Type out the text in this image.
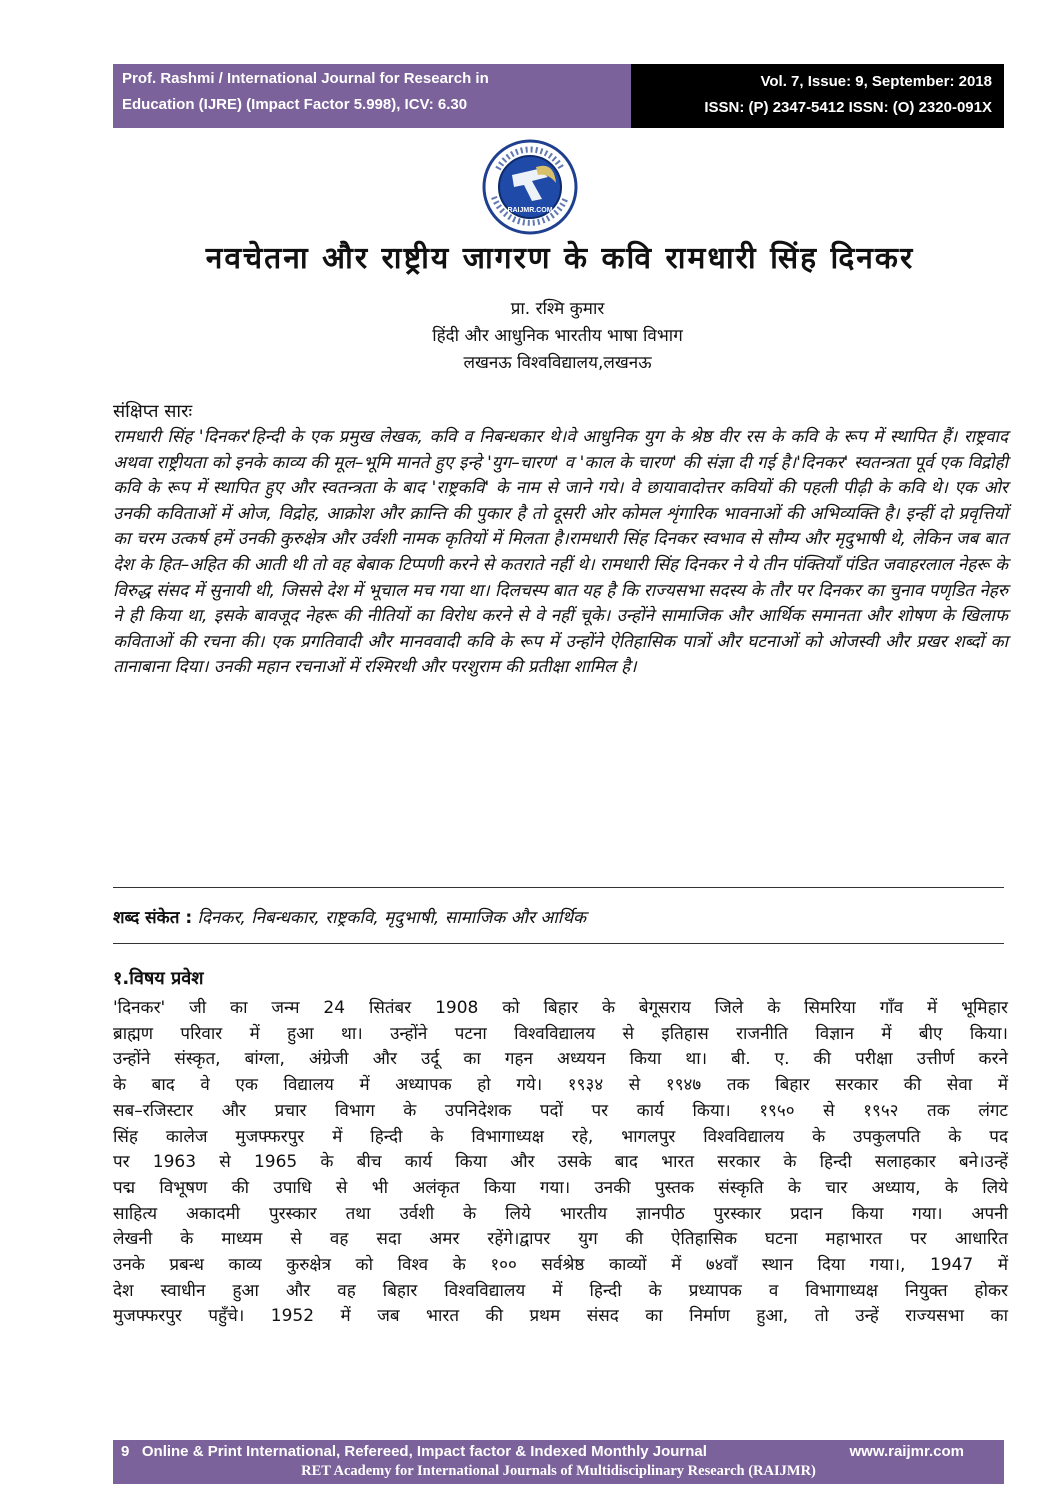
Prof. Rashmi / International Journal for Research in
Education (IJRE) (Impact Factor 5.998), ICV: 6.30
Vol. 7, Issue: 9, September: 2018
ISSN: (P) 2347-5412 ISSN: (O) 2320-091X
RAIJMR.COM
नवचेतना और राष्ट्रीय जागरण के कवि रामधारी सिंह दिनकर
प्रा. रश्मि कुमार
हिंदी और आधुनिक भारतीय भाषा विभाग
लखनऊ विश्वविद्यालय,लखनऊ
संक्षिप्त सारः
रामधारी सिंह 'दिनकर'हिन्दी के एक प्रमुख लेखक, कवि व निबन्धकार थे।वे आधुनिक युग के श्रेष्ठ वीर रस के कवि के रूप में स्थापित हैं। राष्ट्रवाद अथवा राष्ट्रीयता को इनके काव्य की मूल–भूमि मानते हुए इन्हे 'युग–चारण' व 'काल के चारण' की संज्ञा दी गई है।'दिनकर' स्वतन्त्रता पूर्व एक विद्रोही कवि के रूप में स्थापित हुए और स्वतन्त्रता के बाद 'राष्ट्रकवि' के नाम से जाने गये। वे छायावादोत्तर कवियों की पहली पीढ़ी के कवि थे। एक ओर उनकी कविताओं में ओज, विद्रोह, आक्रोश और क्रान्ति की पुकार है तो दूसरी ओर कोमल शृंगारिक भावनाओं की अभिव्यक्ति है। इन्हीं दो प्रवृत्तियों का चरम उत्कर्ष हमें उनकी कुरुक्षेत्र और उर्वशी नामक कृतियों में मिलता है।रामधारी सिंह दिनकर स्वभाव से सौम्य और मृदुभाषी थे, लेकिन जब बात देश के हित–अहित की आती थी तो वह बेबाक टिप्पणी करने से कतराते नहीं थे। रामधारी सिंह दिनकर ने ये तीन पंक्तियाँ पंडित जवाहरलाल नेहरू के विरुद्ध संसद में सुनायी थी, जिससे देश में भूचाल मच गया था। दिलचस्प बात यह है कि राज्यसभा सदस्य के तौर पर दिनकर का चुनाव पणृडित नेहरु ने ही किया था, इसके बावजूद नेहरू की नीतियों का विरोध करने से वे नहीं चूके। उन्होंने सामाजिक और आर्थिक समानता और शोषण के खिलाफ कविताओं की रचना की। एक प्रगतिवादी और मानववादी कवि के रूप में उन्होंने ऐतिहासिक पात्रों और घटनाओं को ओजस्वी और प्रखर शब्दों का तानाबाना दिया। उनकी महान रचनाओं में रश्मिरथी और परशुराम की प्रतीक्षा शामिल है।
शब्द संकेत : दिनकर, निबन्धकार, राष्ट्रकवि, मृदुभाषी, सामाजिक और आर्थिक
१.विषय प्रवेश
'दिनकर' जी का जन्म 24 सितंबर 1908 को बिहार के बेगूसराय जिले के सिमरिया गाँव में भूमिहार
ब्राह्मण परिवार में हुआ था। उन्होंने पटना विश्वविद्यालय से इतिहास राजनीति विज्ञान में बीए किया।
उन्होंने संस्कृत, बांग्ला, अंग्रेजी और उर्दू का गहन अध्ययन किया था। बी. ए. की परीक्षा उत्तीर्ण करने
के बाद वे एक विद्यालय में अध्यापक हो गये। १९३४ से १९४७ तक बिहार सरकार की सेवा में
सब–रजिस्टार और प्रचार विभाग के उपनिदेशक पदों पर कार्य किया। १९५० से १९५२ तक लंगट
सिंह कालेज मुजफ्फरपुर में हिन्दी के विभागाध्यक्ष रहे, भागलपुर विश्वविद्यालय के उपकुलपति के पद
पर 1963 से 1965 के बीच कार्य किया और उसके बाद भारत सरकार के हिन्दी सलाहकार बने।उन्हें
पद्म विभूषण की उपाधि से भी अलंकृत किया गया। उनकी पुस्तक संस्कृति के चार अध्याय, के लिये
साहित्य अकादमी पुरस्कार तथा उर्वशी के लिये भारतीय ज्ञानपीठ पुरस्कार प्रदान किया गया। अपनी
लेखनी के माध्यम से वह सदा अमर रहेंगे।द्वापर युग की ऐतिहासिक घटना महाभारत पर आधारित
उनके प्रबन्ध काव्य कुरुक्षेत्र को विश्व के १०० सर्वश्रेष्ठ काव्यों में ७४वाँ स्थान दिया गया।, 1947 में
देश स्वाधीन हुआ और वह बिहार विश्वविद्यालय में हिन्दी के प्रध्यापक व विभागाध्यक्ष नियुक्त होकर
मुजफ्फरपुर पहुँचे। 1952 में जब भारत की प्रथम संसद का निर्माण हुआ, तो उन्हें राज्यसभा का
9 Online & Print International, Refereed, Impact factor & Indexed Monthly Journal	www.raijmr.com
RET Academy for International Journals of Multidisciplinary Research (RAIJMR)
